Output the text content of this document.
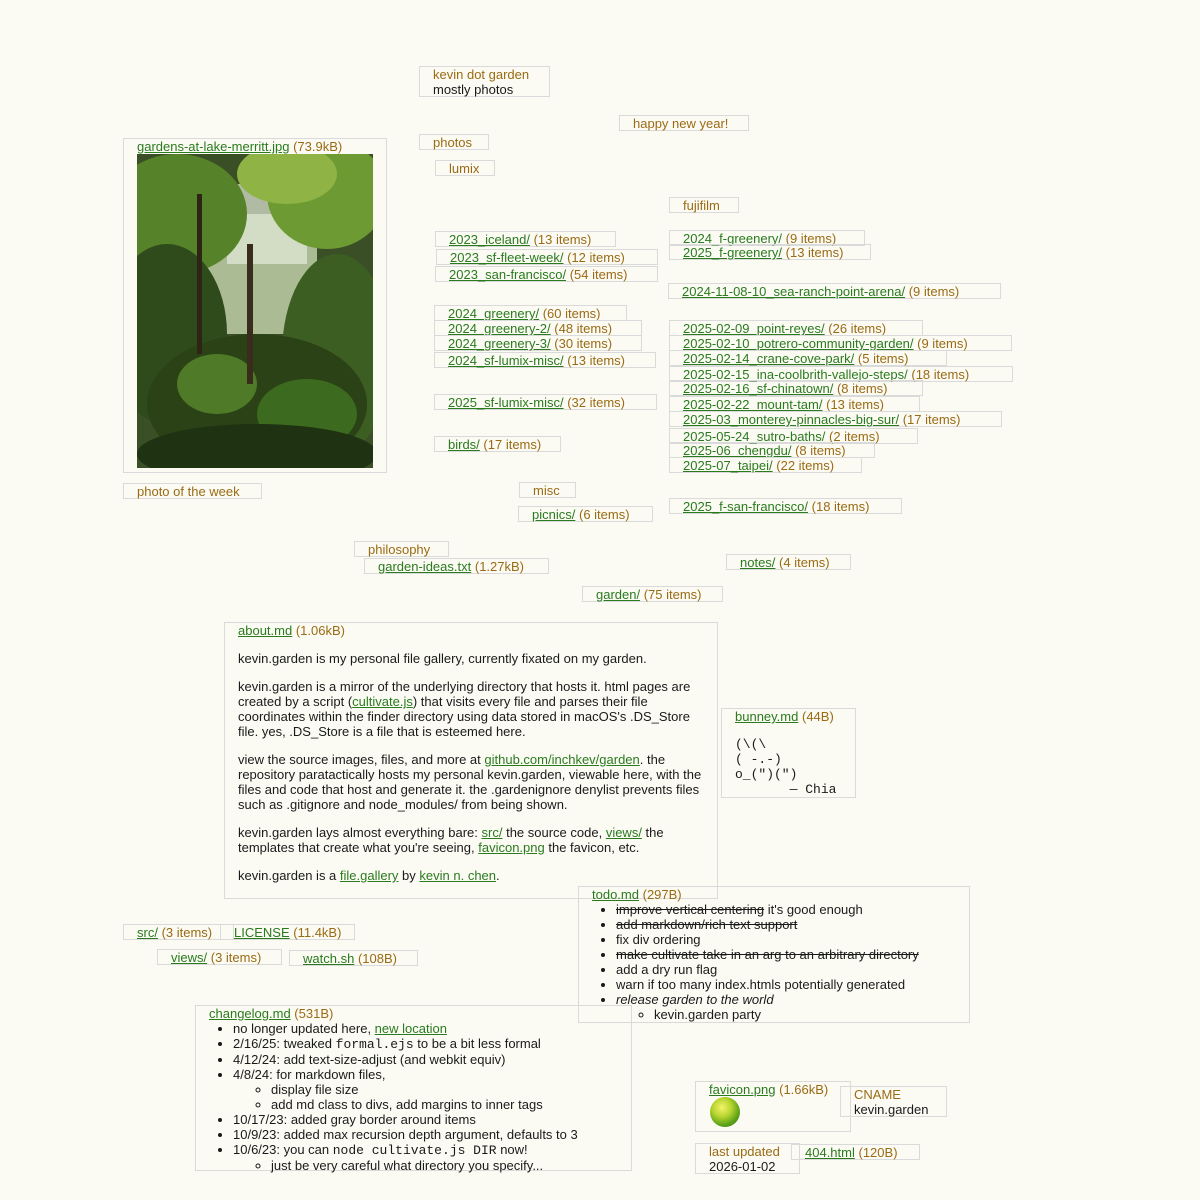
kevin dot garden
mostly photos
happy new year!
gardens-at-lake-merritt.jpg (73.9kB)
photo of the week
photos
lumix
2023_iceland/ (13 items)
2023_sf-fleet-week/ (12 items)
2023_san-francisco/ (54 items)
2024_greenery/ (60 items)
2024_greenery-2/ (48 items)
2024_greenery-3/ (30 items)
2024_sf-lumix-misc/ (13 items)
2025_sf-lumix-misc/ (32 items)
birds/ (17 items)
fujifilm
2024_f-greenery/ (9 items)
2025_f-greenery/ (13 items)
2024-11-08-10_sea-ranch-point-arena/ (9 items)
2025-02-09_point-reyes/ (26 items)
2025-02-10_potrero-community-garden/ (9 items)
2025-02-14_crane-cove-park/ (5 items)
2025-02-15_ina-coolbrith-vallejo-steps/ (18 items)
2025-02-16_sf-chinatown/ (8 items)
2025-02-22_mount-tam/ (13 items)
2025-03_monterey-pinnacles-big-sur/ (17 items)
2025-05-24_sutro-baths/ (2 items)
2025-06_chengdu/ (8 items)
2025-07_taipei/ (22 items)
2025_f-san-francisco/ (18 items)
misc
picnics/ (6 items)
philosophy
garden-ideas.txt (1.27kB)	notes/ (4 items)
garden/ (75 items)
about.md (1.06kB)

kevin.garden is my personal file gallery, currently fixated on my garden.

kevin.garden is a mirror of the underlying directory that hosts it. html pages are created by a script (cultivate.js) that visits every file and parses their file coordinates within the finder directory using data stored in macOS's .DS_Store file. yes, .DS_Store is a file that is esteemed here.

view the source images, files, and more at github.com/inchkev/garden. the repository paratactically hosts my personal kevin.garden, viewable here, with the files and code that host and generate it. the .gardenignore denylist prevents files such as .gitignore and node_modules/ from being shown.

kevin.garden lays almost everything bare: src/ the source code, views/ the templates that create what you're seeing, favicon.png the favicon, etc.

kevin.garden is a file.gallery by kevin n. chen.

bunney.md (44B)
(\(\
( -.-)
o_(")(")
— Chia
todo.md (297B)
• improve vertical centering it's good enough
• add markdown/rich text support
• fix div ordering
• make cultivate take in an arg to an arbitrary directory
• add a dry run flag
• warn if too many index.htmls potentially generated
• release garden to the world
◦ kevin.garden party
src/ (3 items)	LICENSE (11.4kB)
views/ (3 items)	watch.sh (108B)
changelog.md (531B)
• no longer updated here, new location
• 2/16/25: tweaked formal.ejs to be a bit less formal
• 4/12/24: add text-size-adjust (and webkit equiv)
• 4/8/24: for markdown files,
◦ display file size
◦ add md class to divs, add margins to inner tags
• 10/17/23: added gray border around items
• 10/9/23: added max recursion depth argument, defaults to 3
• 10/6/23: you can node cultivate.js DIR now!
◦ just be very careful what directory you specify...
favicon.png (1.66kB)	CNAME
kevin.garden
last updated
2026-01-02
404.html (120B)
